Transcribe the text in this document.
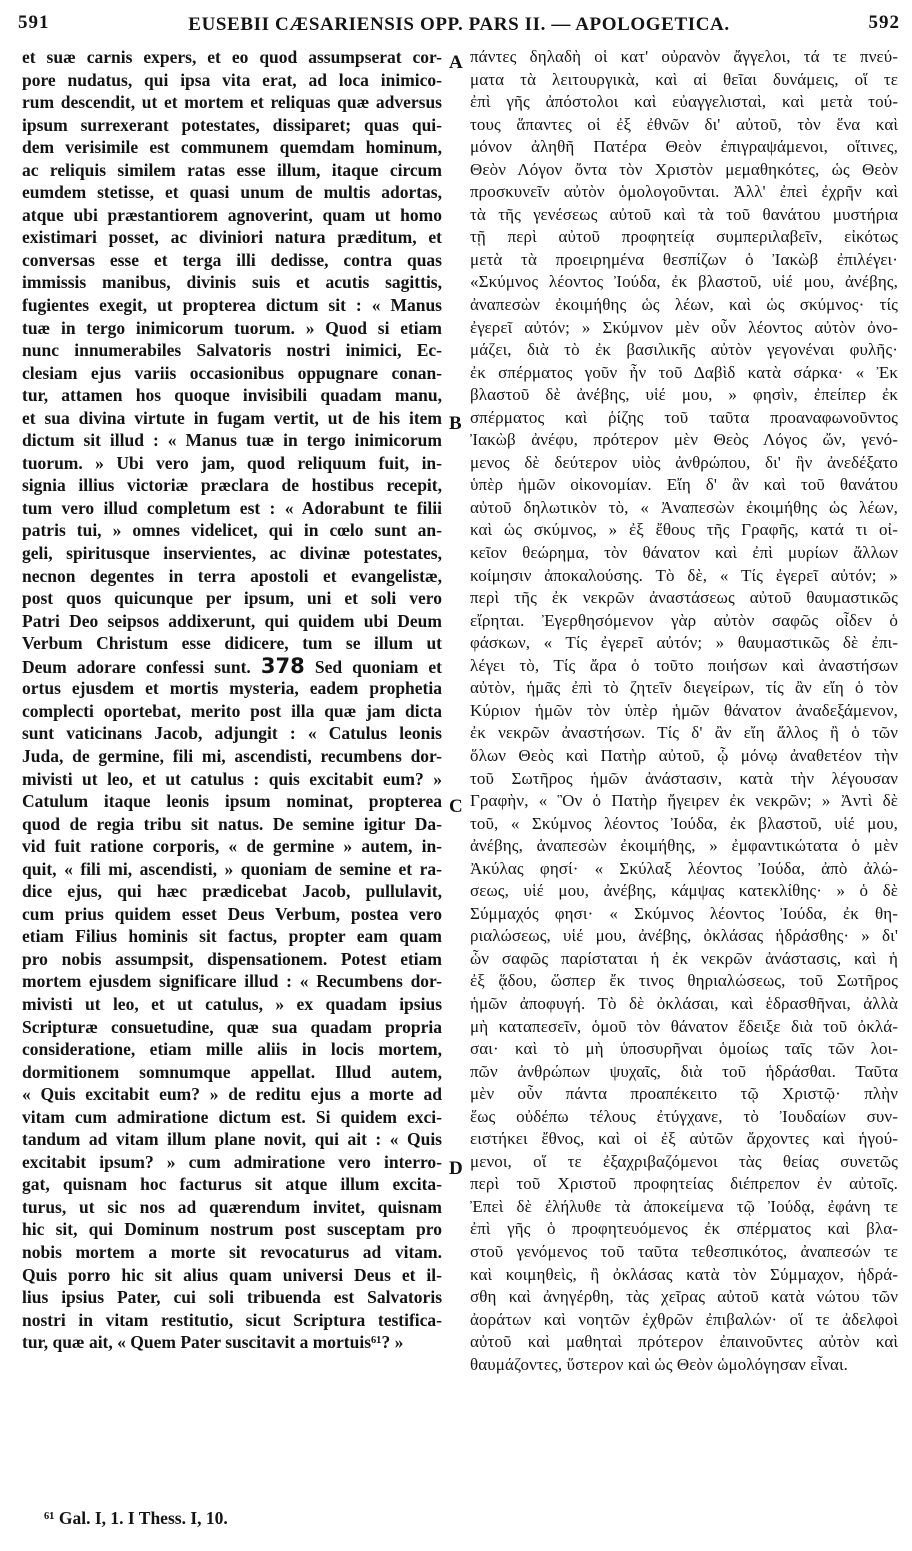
591	EUSEBII CÆSARIENSIS OPP. PARS II. — APOLOGETICA.	592
et suæ carnis expers, et eo quod assumpserat cor-
pore nudatus, qui ipsa vita erat, ad loca inimico-
rum descendit, ut et mortem et reliquas quæ adversus
ipsum surrexerant potestates, dissiparet; quas qui-
dem verisimile est communem quemdam hominum,
ac reliquis similem ratas esse illum, itaque circum
eumdem stetisse, et quasi unum de multis adortas,
atque ubi præstantiorem agnoverint, quam ut homo
existimari posset, ac diviniori natura præditum, et
conversas esse et terga illi dedisse, contra quas
immissis manibus, divinis suis et acutis sagittis,
fugientes exegit, ut propterea dictum sit : « Manus
tuæ in tergo inimicorum tuorum. » Quod si etiam
nunc innumerabiles Salvatoris nostri inimici, Ec-
clesiam ejus variis occasionibus oppugnare conan-
tur, attamen hos quoque invisibili quadam manu,
et sua divina virtute in fugam vertit, ut de his item
dictum sit illud : « Manus tuæ in tergo inimicorum
tuorum. » Ubi vero jam, quod reliquum fuit, in-
signia illius victoriæ præclara de hostibus recepit,
tum vero illud completum est : « Adorabunt te filii
patris tui, » omnes videlicet, qui in cœlo sunt an-
geli, spiritusque inservientes, ac divinæ potestates,
necnon degentes in terra apostoli et evangelistæ,
post quos quicunque per ipsum, uni et soli vero
Patri Deo seipsos addixerunt, qui quidem ubi Deum
Verbum Christum esse didicere, tum se illum ut
Deum adorare confessi sunt. 378 Sed quoniam et
ortus ejusdem et mortis mysteria, eadem prophetia
complecti oportebat, merito post illa quæ jam dicta
sunt vaticinans Jacob, adjungit : « Catulus leonis
Juda, de germine, fili mi, ascendisti, recumbens dor-
mivisti ut leo, et ut catulus : quis excitabit eum? »
Catulum itaque leonis ipsum nominat, propterea
quod de regia tribu sit natus. De semine igitur Da-
vid fuit ratione corporis, « de germine » autem, in-
quit, « fili mi, ascendisti, » quoniam de semine et ra-
dice ejus, qui hæc prædicebat Jacob, pullulavit,
cum prius quidem esset Deus Verbum, postea vero
etiam Filius hominis sit factus, propter eam quam
pro nobis assumpsit, dispensationem. Potest etiam
mortem ejusdem significare illud : « Recumbens dor-
mivisti ut leo, et ut catulus, » ex quadam ipsius
Scripturæ consuetudine, quæ sua quadam propria
consideratione, etiam mille aliis in locis mortem,
dormitionem somnumque appellat. Illud autem,
« Quis excitabit eum? » de reditu ejus a morte ad
vitam cum admiratione dictum est. Si quidem exci-
tandum ad vitam illum plane novit, qui ait : « Quis
excitabit ipsum? » cum admiratione vero interro-
gat, quisnam hoc facturus sit atque illum excita-
turus, ut sic nos ad quærendum invitet, quisnam
hic sit, qui Dominum nostrum post susceptam pro
nobis mortem a morte sit revocaturus ad vitam.
Quis porro hic sit alius quam universi Deus et il-
lius ipsius Pater, cui soli tribuenda est Salvatoris
nostri in vitam restitutio, sicut Scriptura testifica-
tur, quæ ait, « Quem Pater suscitavit a mortuis⁶¹? »
πάντες δηλαδὴ οἱ κατ' οὐρανὸν ἄγγελοι, τά τε πνεύ-
ματα τὰ λειτουργικὰ, καὶ αἱ θεῖαι δυνάμεις, οἵ τε
ἐπὶ γῆς ἀπόστολοι καὶ εὐαγγελισταὶ, καὶ μετὰ τού-
τους ἅπαντες οἱ ἐξ ἐθνῶν δι' αὐτοῦ, τὸν ἕνα καὶ
μόνον ἀληθῆ Πατέρα Θεὸν ἐπιγραψάμενοι, οἵτινες,
Θεὸν Λόγον ὄντα τὸν Χριστὸν μεμαθηκότες, ὡς Θεὸν
προσκυνεῖν αὐτὸν ὁμολογοῦνται. Ἀλλ' ἐπεὶ ἐχρῆν καὶ
τὰ τῆς γενέσεως αὐτοῦ καὶ τὰ τοῦ θανάτου μυστήρια
τῇ περὶ αὐτοῦ προφητείᾳ συμπεριλαβεῖν, εἰκότως
μετὰ τὰ προειρημένα θεσπίζων ὁ Ἰακὼβ ἐπιλέγει·
«Σκύμνος λέοντος Ἰούδα, ἐκ βλαστοῦ, υἱέ μου, ἀνέβης,
ἀναπεσὼν ἐκοιμήθης ὡς λέων, καὶ ὡς σκύμνος· τίς
ἐγερεῖ αὐτόν; » Σκύμνον μὲν οὖν λέοντος αὐτὸν ὀνο-
μάζει, διὰ τὸ ἐκ βασιλικῆς αὐτὸν γεγονέναι φυλῆς·
ἐκ σπέρματος γοῦν ἦν τοῦ Δαβὶδ κατὰ σάρκα· « Ἐκ
βλαστοῦ δὲ ἀνέβης, υἱέ μου, » φησὶν, ἐπείπερ ἐκ
σπέρματος καὶ ῥίζης τοῦ ταῦτα προαναφωνοῦντος
Ἰακὼβ ἀνέφυ, πρότερον μὲν Θεὸς Λόγος ὤν, γενό-
μενος δὲ δεύτερον υἱὸς ἀνθρώπου, δι' ἣν ἀνεδέξατο
ὑπὲρ ἡμῶν οἰκονομίαν. Εἴη δ' ἂν καὶ τοῦ θανάτου
αὐτοῦ δηλωτικὸν τὸ, « Ἀναπεσὼν ἐκοιμήθης ὡς λέων,
καὶ ὡς σκύμνος, » ἐξ ἔθους τῆς Γραφῆς, κατά τι οἰ-
κεῖον θεώρημα, τὸν θάνατον καὶ ἐπὶ μυρίων ἄλλων
κοίμησιν ἀποκαλούσης. Τὸ δὲ, « Τίς ἐγερεῖ αὐτόν; »
περὶ τῆς ἐκ νεκρῶν ἀναστάσεως αὐτοῦ θαυμαστικῶς
εἴρηται. Ἐγερθησόμενον γὰρ αὐτὸν σαφῶς οἶδεν ὁ
φάσκων, « Τίς ἐγερεῖ αὐτόν; » θαυμαστικῶς δὲ ἐπι-
λέγει τὸ, Τίς ἄρα ὁ τοῦτο ποιήσων καὶ ἀναστήσων
αὐτὸν, ἡμᾶς ἐπὶ τὸ ζητεῖν διεγείρων, τίς ἂν εἴη ὁ τὸν
Κύριον ἡμῶν τὸν ὑπὲρ ἡμῶν θάνατον ἀναδεξάμενον,
ἐκ νεκρῶν ἀναστήσων. Τίς δ' ἂν εἴη ἄλλος ἢ ὁ τῶν
ὅλων Θεὸς καὶ Πατὴρ αὐτοῦ, ᾧ μόνῳ ἀναθετέον τὴν
τοῦ Σωτῆρος ἡμῶν ἀνάστασιν, κατὰ τὴν λέγουσαν
Γραφὴν, « Ὃν ὁ Πατὴρ ἤγειρεν ἐκ νεκρῶν; » Ἀντὶ δὲ
τοῦ, « Σκύμνος λέοντος Ἰούδα, ἐκ βλαστοῦ, υἱέ μου,
ἀνέβης, ἀναπεσὼν ἐκοιμήθης, » ἐμφαντικώτατα ὁ μὲν
Ἀκύλας φησί· « Σκύλαξ λέοντος Ἰούδα, ἀπὸ ἀλώ-
σεως, υἱέ μου, ἀνέβης, κάμψας κατεκλίθης· » ὁ δὲ
Σύμμαχός φησι· « Σκύμνος λέοντος Ἰούδα, ἐκ θη-
ριαλώσεως, υἱέ μου, ἀνέβης, ὀκλάσας ἡδράσθης· » δι'
ὧν σαφῶς παρίσταται ἡ ἐκ νεκρῶν ἀνάστασις, καὶ ἡ
ἐξ ᾅδου, ὥσπερ ἔκ τινος θηριαλώσεως, τοῦ Σωτῆρος
ἡμῶν ἀποφυγή. Τὸ δὲ ὀκλάσαι, καὶ ἑδρασθῆναι, ἀλλὰ
μὴ καταπεσεῖν, ὁμοῦ τὸν θάνατον ἔδειξε διὰ τοῦ ὀκλά-
σαι· καὶ τὸ μὴ ὑποσυρῆναι ὁμοίως ταῖς τῶν λοι-
πῶν ἀνθρώπων ψυχαῖς, διὰ τοῦ ἡδράσθαι. Ταῦτα
μὲν οὖν πάντα προαπέκειτο τῷ Χριστῷ· πλὴν
ἕως οὐδέπω τέλους ἐτύγχανε, τὸ Ἰουδαίων συν-
ειστήκει ἔθνος, καὶ οἱ ἐξ αὐτῶν ἄρχοντες καὶ ἡγού-
μενοι, οἵ τε ἐξαχριβαζόμενοι τὰς θείας συνετῶς
περὶ τοῦ Χριστοῦ προφητείας διέπρεπον ἐν αὐτοῖς.
Ἐπεὶ δὲ ἐλήλυθε τὰ ἀποκείμενα τῷ Ἰούδᾳ, ἐφάνη τε
ἐπὶ γῆς ὁ προφητευόμενος ἐκ σπέρματος καὶ βλα-
στοῦ γενόμενος τοῦ ταῦτα τεθεσπικότος, ἀναπεσών τε
καὶ κοιμηθεὶς, ἢ ὀκλάσας κατὰ τὸν Σύμμαχον, ἡδρά-
σθη καὶ ἀνηγέρθη, τὰς χεῖρας αὐτοῦ κατὰ νώτου τῶν
ἀοράτων καὶ νοητῶν ἐχθρῶν ἐπιβαλών· οἵ τε ἀδελφοὶ
αὐτοῦ καὶ μαθηταὶ πρότερον ἐπαινοῦντες αὐτὸν καὶ
θαυμάζοντες, ὕστερον καὶ ὡς Θεὸν ὡμολόγησαν εἶναι.
A
B
C
D
⁶¹ Gal. I, 1. I Thess. I, 10.
